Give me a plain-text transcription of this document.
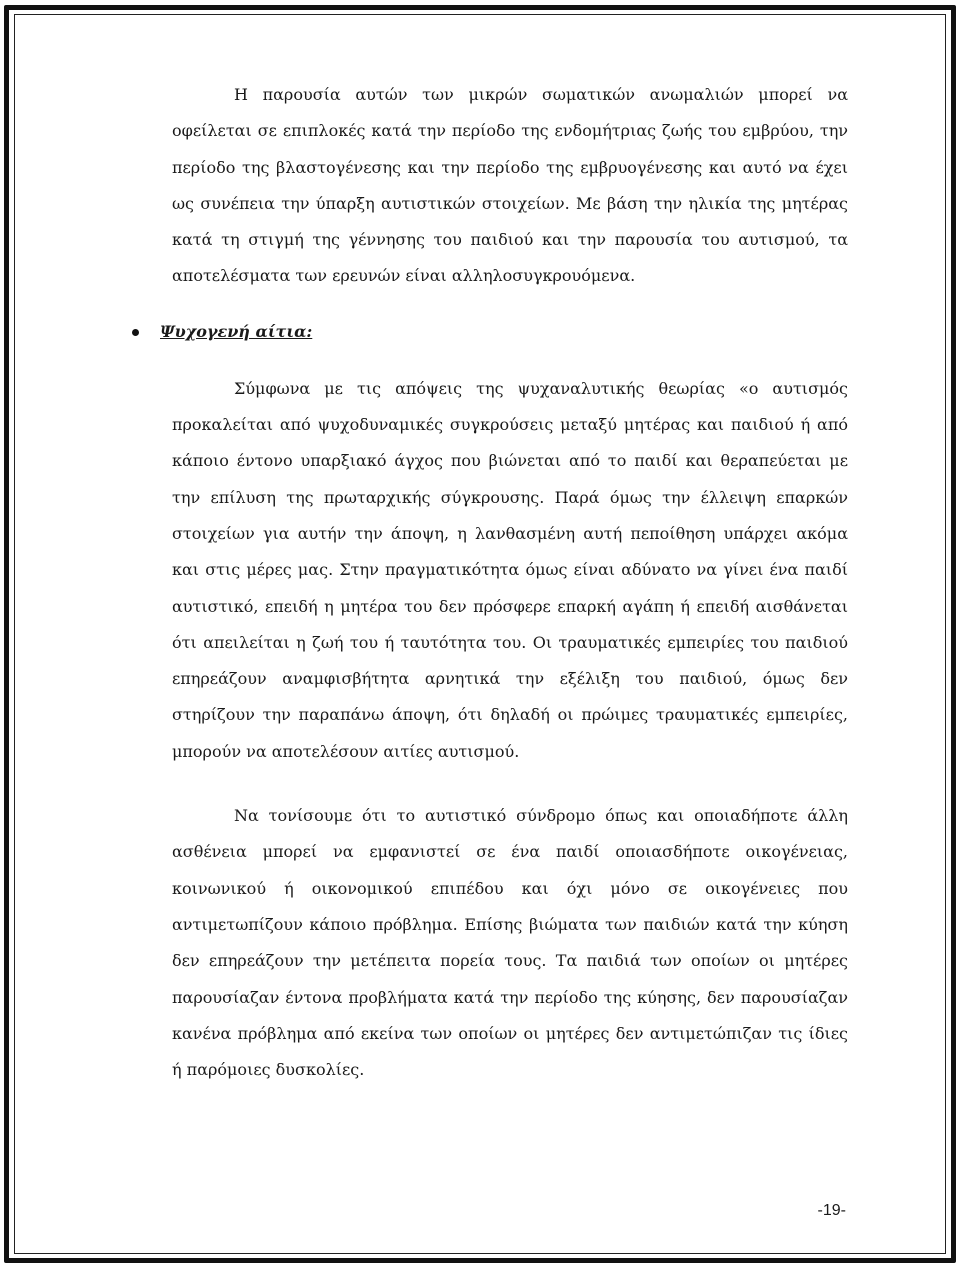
Η παρουσία αυτών των μικρών σωματικών ανωμαλιών μπορεί να οφείλεται σε επιπλοκές κατά την περίοδο της ενδομήτριας ζωής του εμβρύου, την περίοδο της βλαστογένεσης και την περίοδο της εμβρυογένεσης και αυτό να έχει ως συνέπεια την ύπαρξη αυτιστικών στοιχείων. Με βάση την ηλικία της μητέρας κατά τη στιγμή της γέννησης του παιδιού και την παρουσία του αυτισμού, τα αποτελέσματα των ερευνών είναι αλληλοσυγκρουόμενα.

Ψυχογενή αίτια:

Σύμφωνα με τις απόψεις της ψυχαναλυτικής θεωρίας «ο αυτισμός προκαλείται από ψυχοδυναμικές συγκρούσεις μεταξύ μητέρας και παιδιού ή από κάποιο έντονο υπαρξιακό άγχος που βιώνεται από το παιδί και θεραπεύεται με την επίλυση της πρωταρχικής σύγκρουσης. Παρά όμως την έλλειψη επαρκών στοιχείων για αυτήν την άποψη, η λανθασμένη αυτή πεποίθηση υπάρχει ακόμα και στις μέρες μας. Στην πραγματικότητα όμως είναι αδύνατο να γίνει ένα παιδί αυτιστικό, επειδή η μητέρα του δεν πρόσφερε επαρκή αγάπη ή επειδή αισθάνεται ότι απειλείται η ζωή του ή ταυτότητα του. Οι τραυματικές εμπειρίες του παιδιού επηρεάζουν αναμφισβήτητα αρνητικά την εξέλιξη του παιδιού, όμως δεν στηρίζουν την παραπάνω άποψη, ότι δηλαδή οι πρώιμες τραυματικές εμπειρίες, μπορούν να αποτελέσουν αιτίες αυτισμού.

Να τονίσουμε ότι το αυτιστικό σύνδρομο όπως και οποιαδήποτε άλλη ασθένεια μπορεί να εμφανιστεί σε ένα παιδί οποιασδήποτε οικογένειας, κοινωνικού ή οικονομικού επιπέδου και όχι μόνο σε οικογένειες που αντιμετωπίζουν κάποιο πρόβλημα. Επίσης βιώματα των παιδιών κατά την κύηση δεν επηρεάζουν την μετέπειτα πορεία τους. Τα παιδιά των οποίων οι μητέρες παρουσίαζαν έντονα προβλήματα κατά την περίοδο της κύησης, δεν παρουσίαζαν κανένα πρόβλημα από εκείνα των οποίων οι μητέρες δεν αντιμετώπιζαν τις ίδιες ή παρόμοιες δυσκολίες.

-19-
